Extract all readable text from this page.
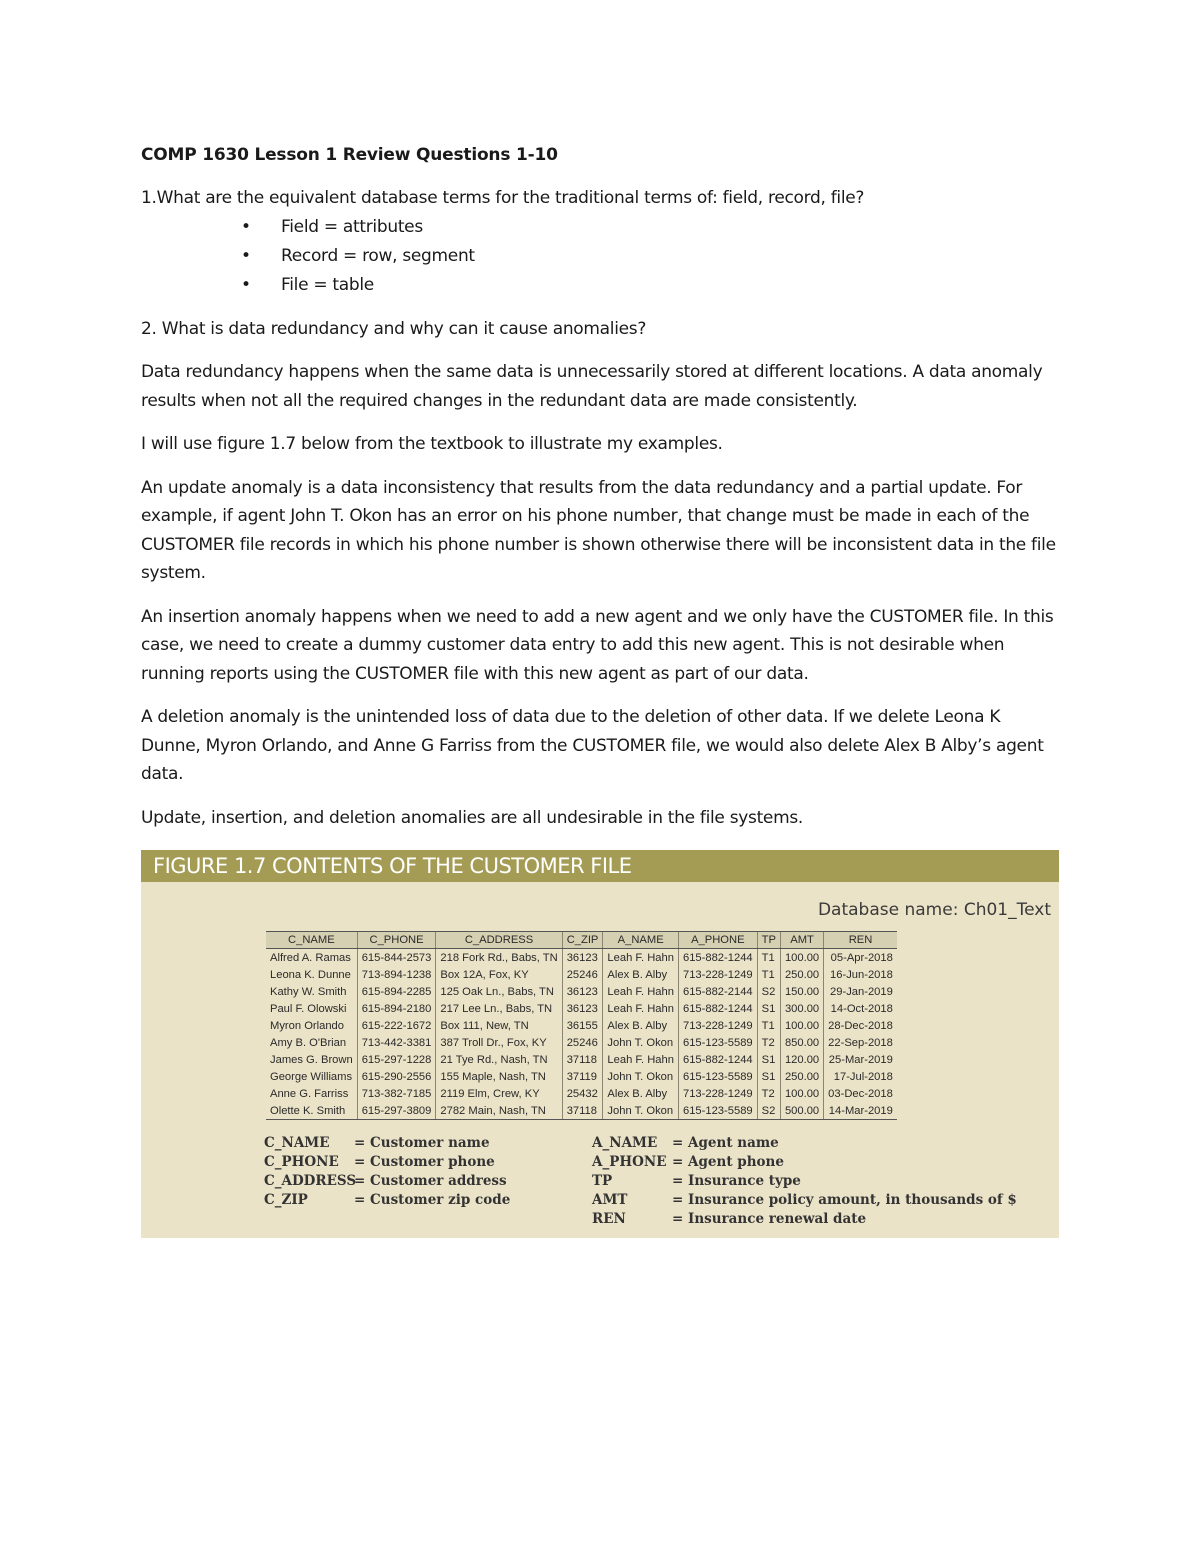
COMP 1630 Lesson 1 Review Questions 1-10

1.What are the equivalent database terms for the traditional terms of: field, record, file?

• Field = attributes
• Record = row, segment
• File = table

2. What is data redundancy and why can it cause anomalies?

Data redundancy happens when the same data is unnecessarily stored at different locations. A data anomaly results when not all the required changes in the redundant data are made consistently.

I will use figure 1.7 below from the textbook to illustrate my examples.

An update anomaly is a data inconsistency that results from the data redundancy and a partial update. For example, if agent John T. Okon has an error on his phone number, that change must be made in each of the CUSTOMER file records in which his phone number is shown otherwise there will be inconsistent data in the file system.

An insertion anomaly happens when we need to add a new agent and we only have the CUSTOMER file. In this case, we need to create a dummy customer data entry to add this new agent. This is not desirable when running reports using the CUSTOMER file with this new agent as part of our data.

A deletion anomaly is the unintended loss of data due to the deletion of other data. If we delete Leona K Dunne, Myron Orlando, and Anne G Farriss from the CUSTOMER file, we would also delete Alex B Alby’s agent data.

Update, insertion, and deletion anomalies are all undesirable in the file systems.

FIGURE 1.7 CONTENTS OF THE CUSTOMER FILE
Database name: Ch01_Text
C_NAME	C_PHONE	C_ADDRESS	C_ZIP	A_NAME	A_PHONE	TP	AMT	REN
Alfred A. Ramas	615-844-2573	218 Fork Rd., Babs, TN	36123	Leah F. Hahn	615-882-1244	T1	100.00	05-Apr-2018
Leona K. Dunne	713-894-1238	Box 12A, Fox, KY	25246	Alex B. Alby	713-228-1249	T1	250.00	16-Jun-2018
Kathy W. Smith	615-894-2285	125 Oak Ln., Babs, TN	36123	Leah F. Hahn	615-882-2144	S2	150.00	29-Jan-2019
Paul F. Olowski	615-894-2180	217 Lee Ln., Babs, TN	36123	Leah F. Hahn	615-882-1244	S1	300.00	14-Oct-2018
Myron Orlando	615-222-1672	Box 111, New, TN	36155	Alex B. Alby	713-228-1249	T1	100.00	28-Dec-2018
Amy B. O'Brian	713-442-3381	387 Troll Dr., Fox, KY	25246	John T. Okon	615-123-5589	T2	850.00	22-Sep-2018
James G. Brown	615-297-1228	21 Tye Rd., Nash, TN	37118	Leah F. Hahn	615-882-1244	S1	120.00	25-Mar-2019
George Williams	615-290-2556	155 Maple, Nash, TN	37119	John T. Okon	615-123-5589	S1	250.00	17-Jul-2018
Anne G. Farriss	713-382-7185	2119 Elm, Crew, KY	25432	Alex B. Alby	713-228-1249	T2	100.00	03-Dec-2018
Olette K. Smith	615-297-3809	2782 Main, Nash, TN	37118	John T. Okon	615-123-5589	S2	500.00	14-Mar-2019
C_NAME	= Customer name
C_PHONE	= Customer phone
C_ADDRESS
= Customer address
C_ZIP	= Customer zip code
A_NAME	= Agent name
A_PHONE = Agent phone
TP	= Insurance type
AMT	= Insurance policy amount, in thousands of $
REN	= Insurance renewal date
